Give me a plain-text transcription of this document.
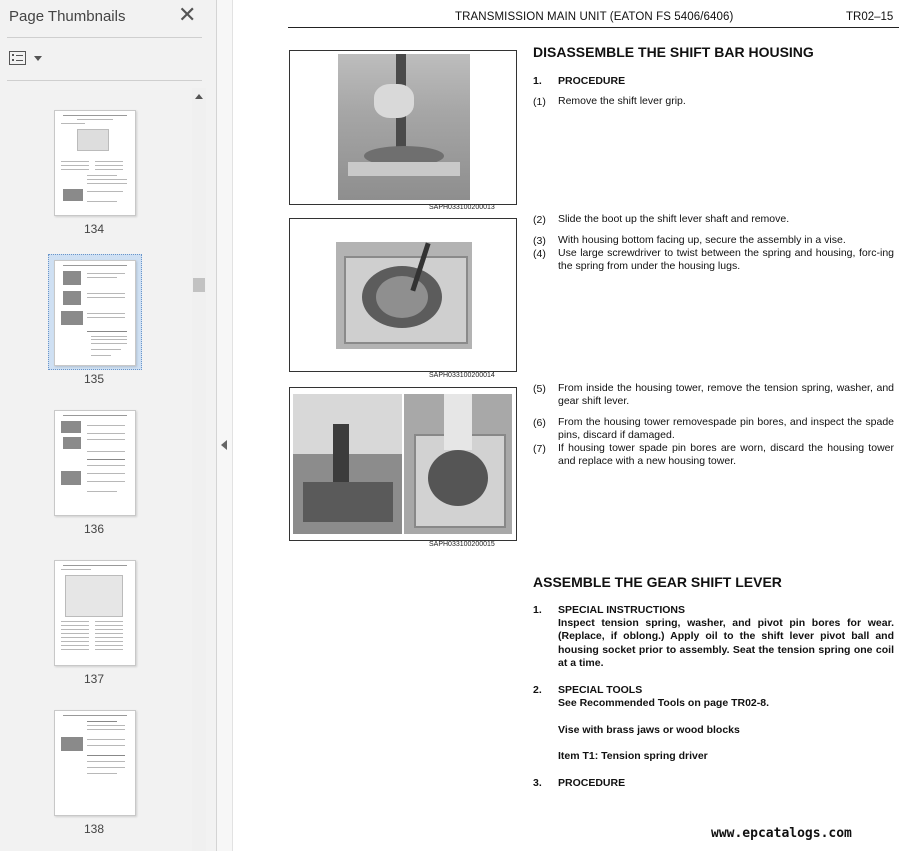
Page Thumbnails ✕
134
135
136
137
138
TRANSMISSION MAIN UNIT (EATON FS 5406/6406)	TR02–15
SAPH033100200013
SAPH033100200014
SAPH033100200015
DISASSEMBLE THE SHIFT BAR HOUSING
1. PROCEDURE
(1) Remove the shift lever grip.
(2) Slide the boot up the shift lever shaft and remove.
(3) With housing bottom facing up, secure the assembly in a vise.
(4) Use large screwdriver to twist between the spring and housing, forc-ing the spring from under the housing lugs.
(5) From inside the housing tower, remove the tension spring, washer, and gear shift lever.
(6) From the housing tower removespade pin bores, and inspect the spade pins, discard if damaged.
(7) If housing tower spade pin bores are worn, discard the housing tower and replace with a new housing tower.
ASSEMBLE THE GEAR SHIFT LEVER
1. SPECIAL INSTRUCTIONS
Inspect tension spring, washer, and pivot pin bores for wear. (Replace, if oblong.) Apply oil to the shift lever pivot ball and housing socket prior to assembly. Seat the tension spring one coil at a time.
2. SPECIAL TOOLS
See Recommended Tools on page TR02-8.
Vise with brass jaws or wood blocks
Item T1: Tension spring driver
3. PROCEDURE
www.epcatalogs.com
